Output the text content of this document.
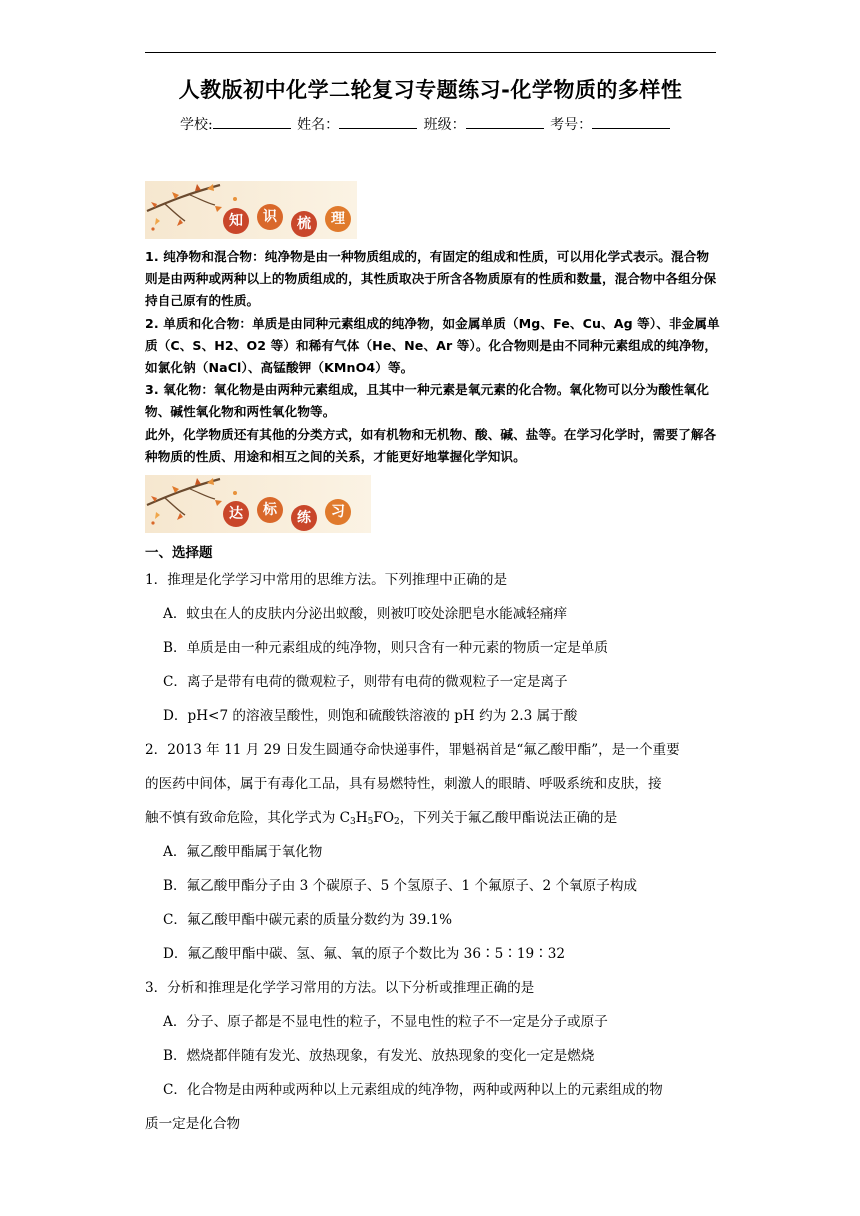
人教版初中化学二轮复习专题练习-化学物质的多样性
学校:	姓名：	班级：	考号：
知	识	梳	理

1. 纯净物和混合物：纯净物是由一种物质组成的，有固定的组成和性质，可以用化学式表示。混合物则是由两种或两种以上的物质组成的，其性质取决于所含各物质原有的性质和数量，混合物中各组分保持自己原有的性质。

2. 单质和化合物：单质是由同种元素组成的纯净物，如金属单质（Mg、Fe、Cu、Ag 等）、非金属单质（C、S、H2、O2 等）和稀有气体（He、Ne、Ar 等）。化合物则是由不同种元素组成的纯净物，如氯化钠（NaCl）、高锰酸钾（KMnO4）等。

3. 氧化物：氧化物是由两种元素组成，且其中一种元素是氧元素的化合物。氧化物可以分为酸性氧化物、碱性氧化物和两性氧化物等。

此外，化学物质还有其他的分类方式，如有机物和无机物、酸、碱、盐等。在学习化学时，需要了解各种物质的性质、用途和相互之间的关系，才能更好地掌握化学知识。

达	标	练	习
一、选择题

1．推理是化学学习中常用的思维方法。下列推理中正确的是

A．蚊虫在人的皮肤内分泌出蚁酸，则被叮咬处涂肥皂水能减轻痛痒

B．单质是由一种元素组成的纯净物，则只含有一种元素的物质一定是单质

C．离子是带有电荷的微观粒子，则带有电荷的微观粒子一定是离子

D．pH<7 的溶液呈酸性，则饱和硫酸铁溶液的 pH 约为 2.3 属于酸

2．2013 年 11 月 29 日发生圆通夺命快递事件，罪魁祸首是“氟乙酸甲酯”，是一个重要

的医药中间体，属于有毒化工品，具有易燃特性，刺激人的眼睛、呼吸系统和皮肤，接

触不慎有致命危险，其化学式为 $C_3H_5FO_2$，下列关于氟乙酸甲酯说法正确的是

A．氟乙酸甲酯属于氧化物

B．氟乙酸甲酯分子由 3 个碳原子、5 个氢原子、1 个氟原子、2 个氧原子构成

C．氟乙酸甲酯中碳元素的质量分数约为 39.1%

D．氟乙酸甲酯中碳、氢、氟、氧的原子个数比为 36∶5∶19∶32

3．分析和推理是化学学习常用的方法。以下分析或推理正确的是

A．分子、原子都是不显电性的粒子，不显电性的粒子不一定是分子或原子

B．燃烧都伴随有发光、放热现象，有发光、放热现象的变化一定是燃烧

C．化合物是由两种或两种以上元素组成的纯净物，两种或两种以上的元素组成的物

质一定是化合物
